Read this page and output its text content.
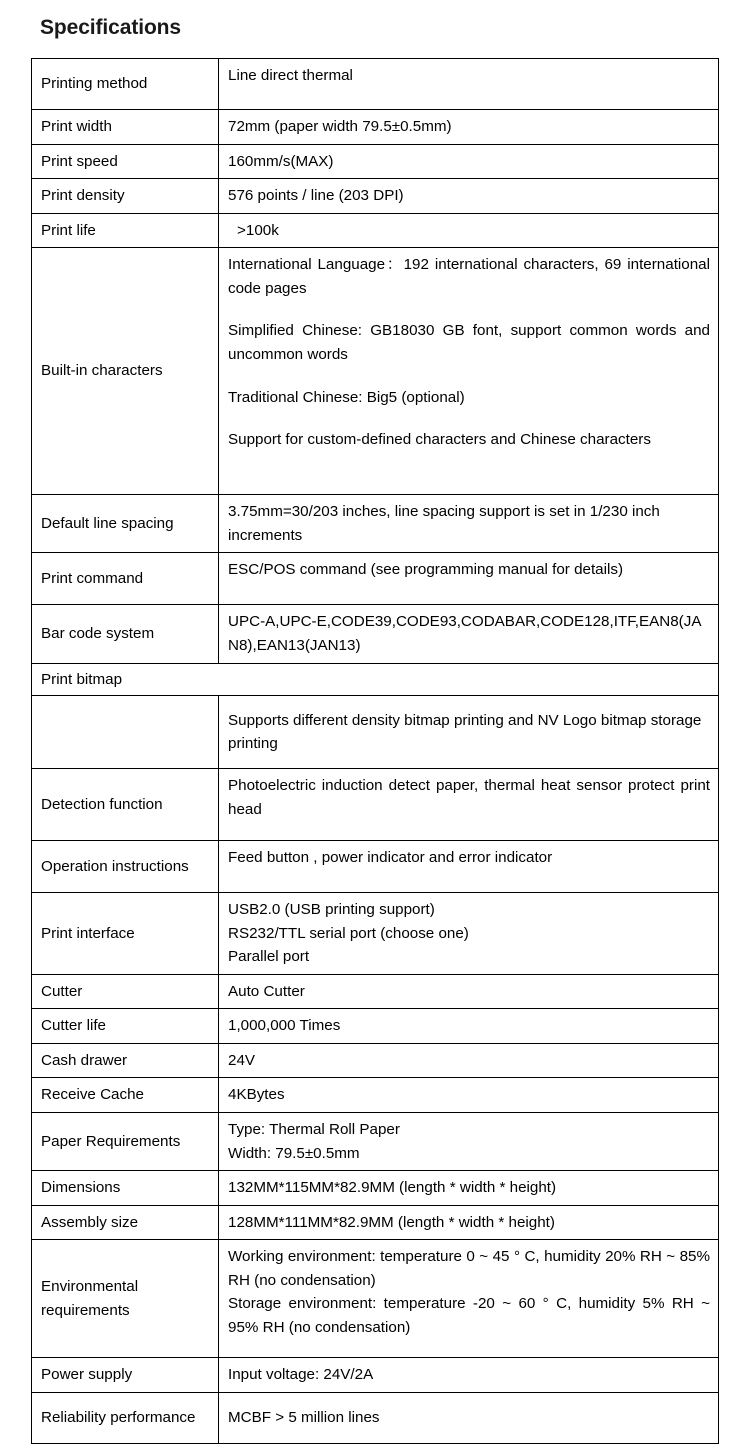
Specifications
Printing method	Line direct thermal

Print width	72mm (paper width 79.5±0.5mm)

Print speed	160mm/s(MAX)

Print density	576 points / line (203 DPI)

Print life	>100k

Built-in characters	International Language：192 international characters, 69 international code pages

Simplified Chinese: GB18030 GB font, support common words and uncommon words

Traditional Chinese: Big5 (optional)

Support for custom-defined characters and Chinese characters

Default line spacing	3.75mm=30/203 inches, line spacing support is set in 1/230 inch increments

Print command	ESC/POS command (see programming manual for details)

Bar code system	UPC-A,UPC-E,CODE39,CODE93,CODABAR,CODE128,ITF,EAN8(JAN8),EAN13(JAN13)

Print bitmap	

	Supports different density bitmap printing and NV Logo bitmap storage printing

Detection function	Photoelectric induction detect paper, thermal heat sensor protect print head

Operation instructions	Feed button , power indicator and error indicator

Print interface	USB2.0 (USB printing support)

RS232/TTL serial port (choose one)

Parallel port

Cutter	Auto Cutter

Cutter life	1,000,000 Times

Cash drawer	24V

Receive Cache	4KBytes

Paper Requirements	Type: Thermal Roll Paper

Width: 79.5±0.5mm

Dimensions	132MM*115MM*82.9MM (length * width * height)

Assembly size	128MM*111MM*82.9MM (length * width * height)

Environmental requirements	Working environment: temperature 0 ~ 45 ° C, humidity 20% RH ~ 85% RH (no condensation)

Storage environment: temperature -20 ~ 60 ° C, humidity 5% RH ~ 95% RH (no condensation)

Power supply	Input voltage: 24V/2A

Reliability performance	MCBF > 5 million lines
